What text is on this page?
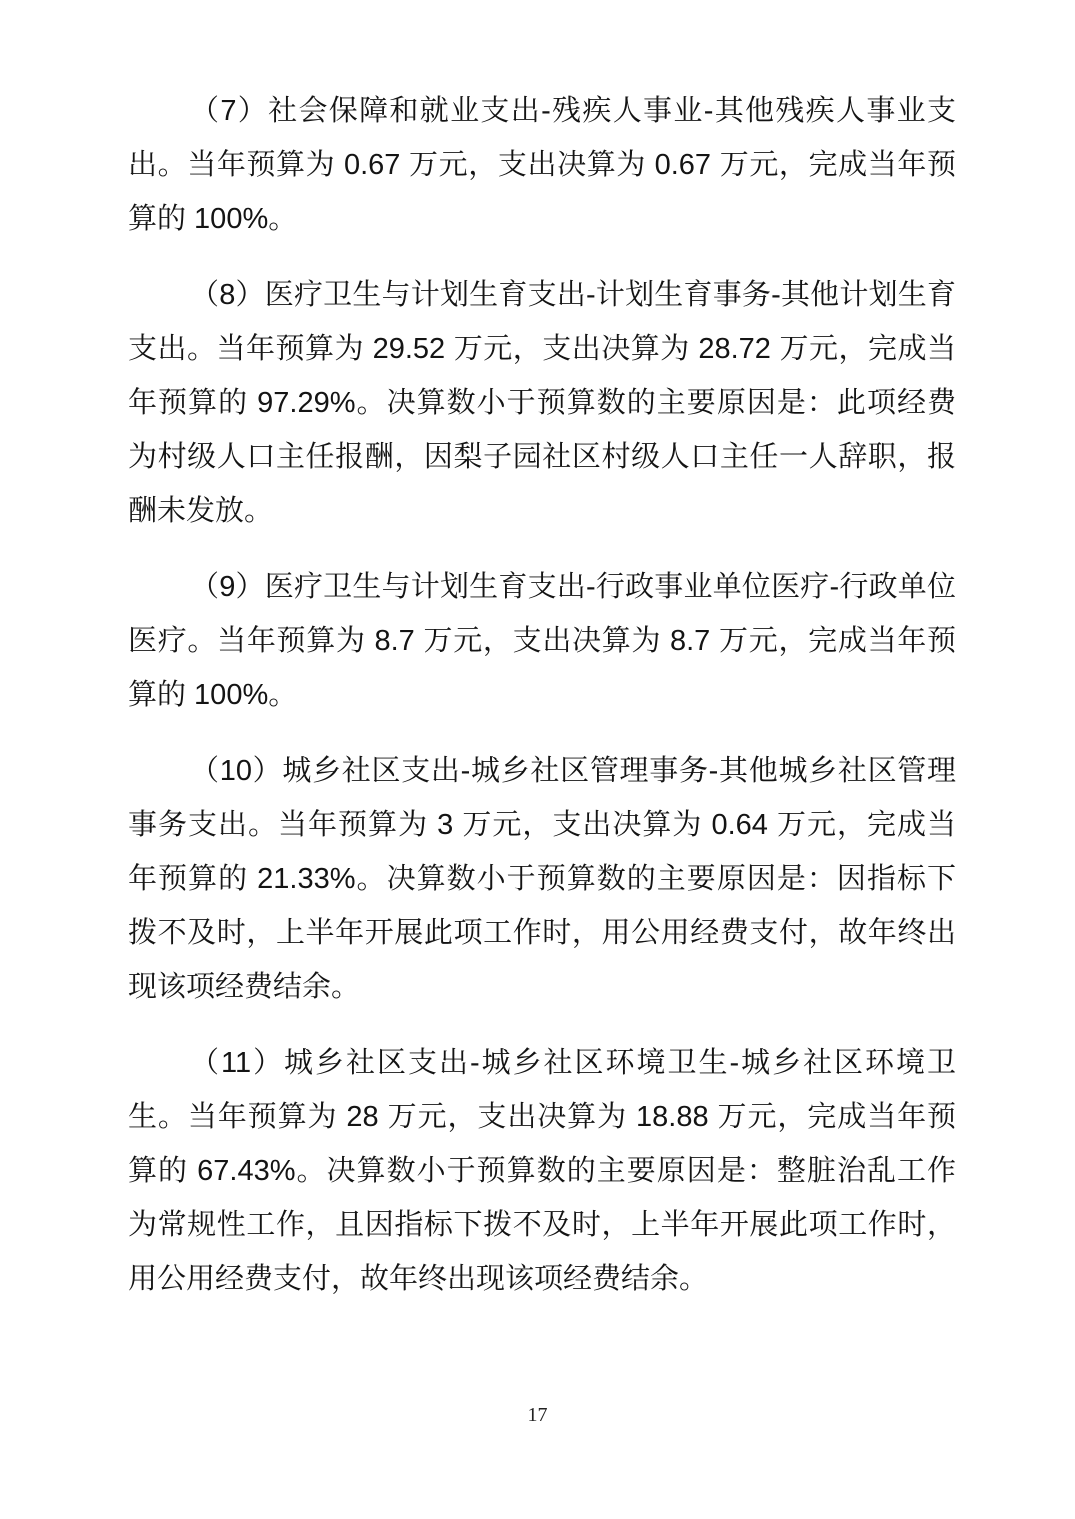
（7）社会保障和就业支出-残疾人事业-其他残疾人事业支出。当年预算为 0.67 万元，支出决算为 0.67 万元，完成当年预算的 100%。

（8）医疗卫生与计划生育支出-计划生育事务-其他计划生育支出。当年预算为 29.52 万元，支出决算为 28.72 万元，完成当年预算的 97.29%。决算数小于预算数的主要原因是：此项经费为村级人口主任报酬，因梨子园社区村级人口主任一人辞职，报酬未发放。

（9）医疗卫生与计划生育支出-行政事业单位医疗-行政单位医疗。当年预算为 8.7 万元，支出决算为 8.7 万元，完成当年预算的 100%。

（10）城乡社区支出-城乡社区管理事务-其他城乡社区管理事务支出。当年预算为 3 万元，支出决算为 0.64 万元，完成当年预算的 21.33%。决算数小于预算数的主要原因是：因指标下拨不及时，上半年开展此项工作时，用公用经费支付，故年终出现该项经费结余。

（11）城乡社区支出-城乡社区环境卫生-城乡社区环境卫生。当年预算为 28 万元，支出决算为 18.88 万元，完成当年预算的 67.43%。决算数小于预算数的主要原因是：整脏治乱工作为常规性工作，且因指标下拨不及时，上半年开展此项工作时，用公用经费支付，故年终出现该项经费结余。

17
